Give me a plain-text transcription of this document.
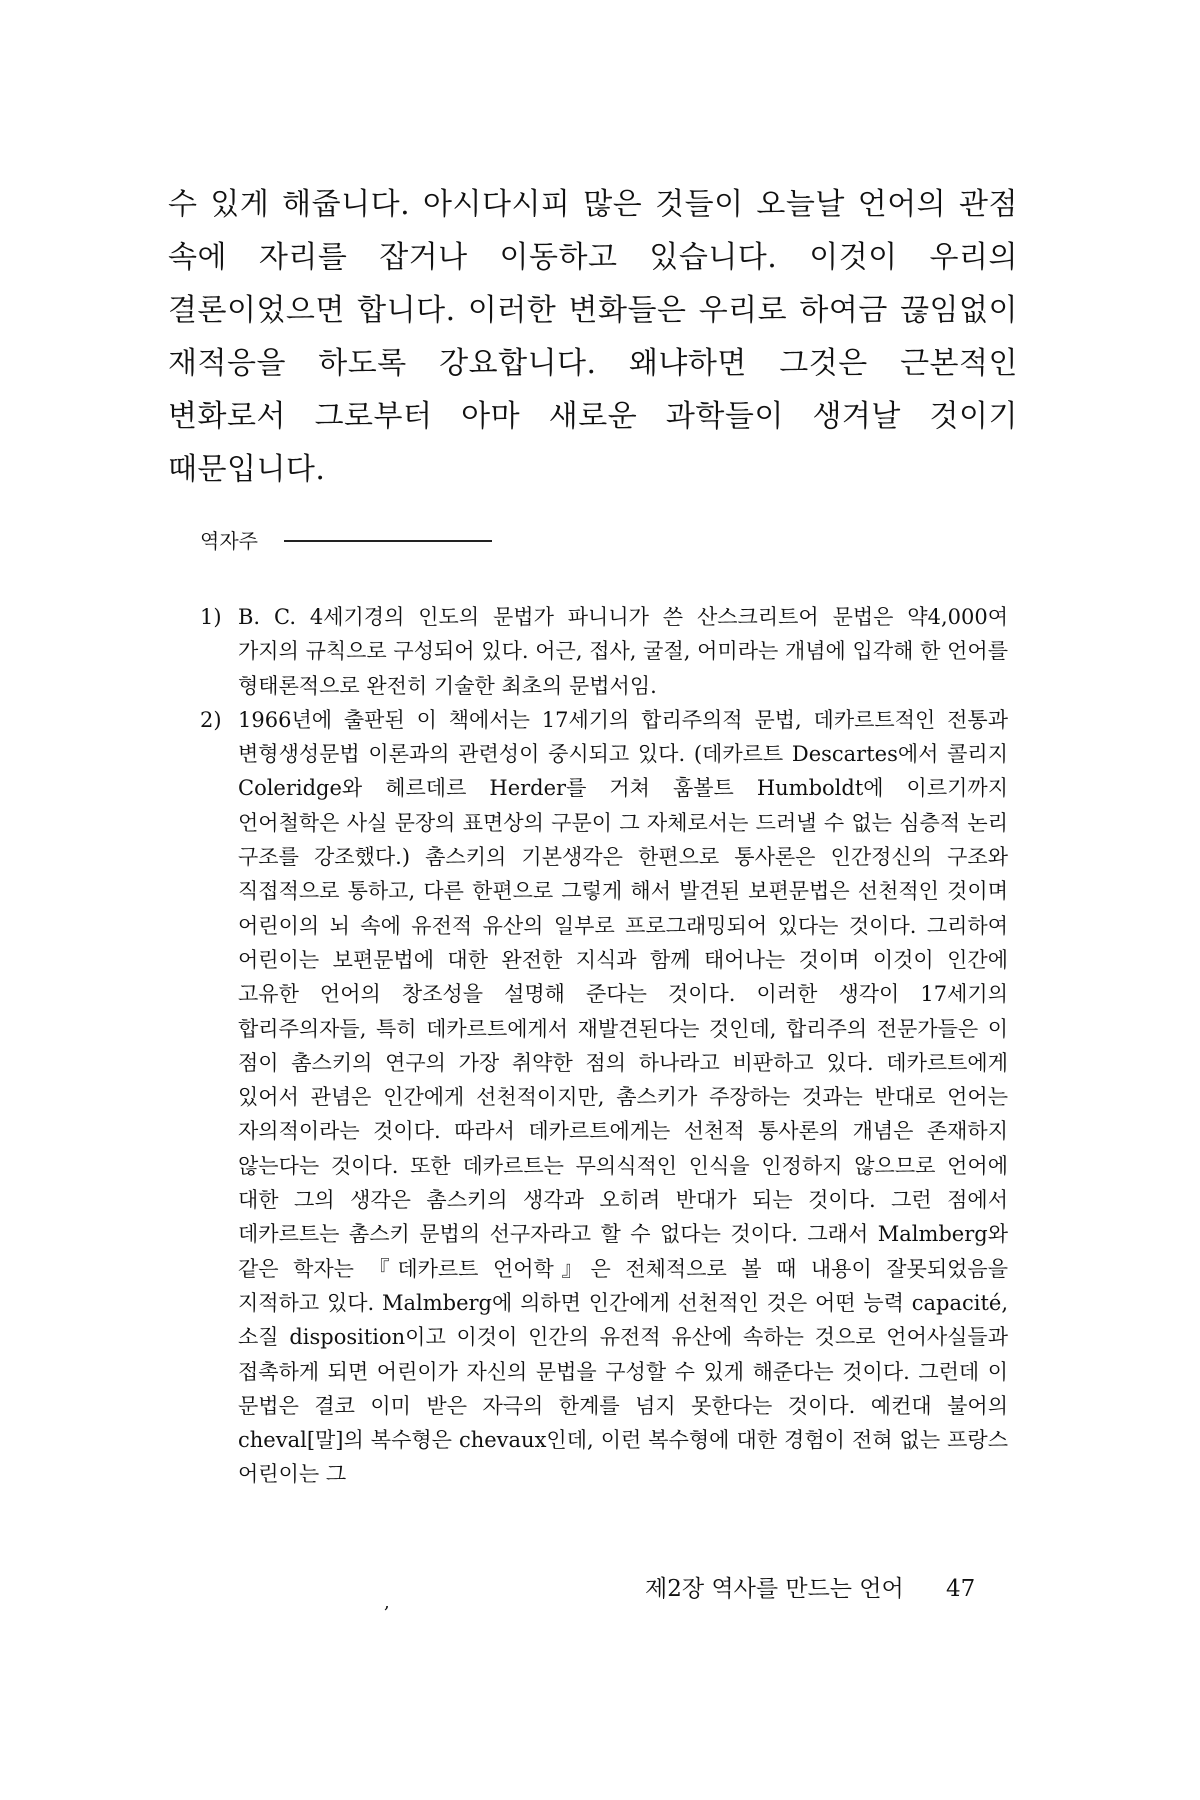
수 있게 해줍니다. 아시다시피 많은 것들이 오늘날 언어의 관점 속에 자리를 잡거나 이동하고 있습니다. 이것이 우리의 결론이었으면 합니다. 이러한 변화들은 우리로 하여금 끊임없이 재적응을 하도록 강요합니다. 왜냐하면 그것은 근본적인 변화로서 그로부터 아마 새로운 과학들이 생겨날 것이기 때문입니다.

역자주
1) B. C. 4세기경의 인도의 문법가 파니니가 쓴 산스크리트어 문법은 약4,000여 가지의 규칙으로 구성되어 있다. 어근, 접사, 굴절, 어미라는 개념에 입각해 한 언어를 형태론적으로 완전히 기술한 최초의 문법서임.

2) 1966년에 출판된 이 책에서는 17세기의 합리주의적 문법, 데카르트적인 전통과 변형생성문법 이론과의 관련성이 중시되고 있다. (데카르트 Descartes에서 콜리지 Coleridge와 헤르데르 Herder를 거쳐 훔볼트 Humboldt에 이르기까지 언어철학은 사실 문장의 표면상의 구문이 그 자체로서는 드러낼 수 없는 심층적 논리 구조를 강조했다.) 촘스키의 기본생각은 한편으로 통사론은 인간정신의 구조와 직접적으로 통하고, 다른 한편으로 그렇게 해서 발견된 보편문법은 선천적인 것이며 어린이의 뇌 속에 유전적 유산의 일부로 프로그래밍되어 있다는 것이다. 그리하여 어린이는 보편문법에 대한 완전한 지식과 함께 태어나는 것이며 이것이 인간에 고유한 언어의 창조성을 설명해 준다는 것이다. 이러한 생각이 17세기의 합리주의자들, 특히 데카르트에게서 재발견된다는 것인데, 합리주의 전문가들은 이 점이 촘스키의 연구의 가장 취약한 점의 하나라고 비판하고 있다. 데카르트에게 있어서 관념은 인간에게 선천적이지만, 촘스키가 주장하는 것과는 반대로 언어는 자의적이라는 것이다. 따라서 데카르트에게는 선천적 통사론의 개념은 존재하지 않는다는 것이다. 또한 데카르트는 무의식적인 인식을 인정하지 않으므로 언어에 대한 그의 생각은 촘스키의 생각과 오히려 반대가 되는 것이다. 그런 점에서 데카르트는 촘스키 문법의 선구자라고 할 수 없다는 것이다. 그래서 Malmberg와 같은 학자는 『데카르트 언어학』은 전체적으로 볼 때 내용이 잘못되었음을 지적하고 있다. Malmberg에 의하면 인간에게 선천적인 것은 어떤 능력 capacité, 소질 disposition이고 이것이 인간의 유전적 유산에 속하는 것으로 언어사실들과 접촉하게 되면 어린이가 자신의 문법을 구성할 수 있게 해준다는 것이다. 그런데 이 문법은 결코 이미 받은 자극의 한계를 넘지 못한다는 것이다. 예컨대 불어의 cheval[말]의 복수형은 chevaux인데, 이런 복수형에 대한 경험이 전혀 없는 프랑스 어린이는 그

,
제2장 역사를 만드는 언어 47
